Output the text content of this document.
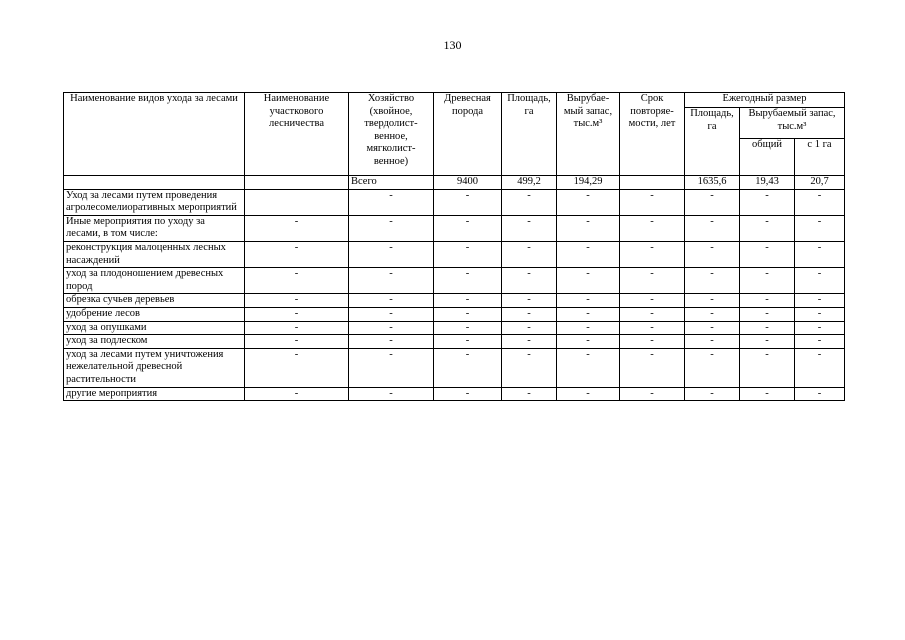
130
Наименование видов ухода за лесами	Наименование участкового лесничества	Хозяйство (хвойное, твердолист-венное, мягколист-венное)	Древесная порода	Площадь, га	Вырубае-мый запас, тыс.м³	Срок повторяе-мости, лет	Ежегодный размер		
							Площадь, га	Вырубаемый запас, тыс.м³	
								общий	с 1 га
		Всего	9400	499,2	194,29		1635,6	19,43	20,7
Уход за лесами путем проведения агролесомелиоративных мероприятий		-	-	-	-	-	-	-	-
Иные мероприятия по уходу за лесами, в том числе:	-	-	-	-	-	-	-	-	-
реконструкция малоценных лесных насаждений	-	-	-	-	-	-	-	-	-
уход за плодоношением древесных пород	-	-	-	-	-	-	-	-	-
обрезка сучьев деревьев	-	-	-	-	-	-	-	-	-
удобрение лесов	-	-	-	-	-	-	-	-	-
уход за опушками	-	-	-	-	-	-	-	-	-
уход за подлеском	-	-	-	-	-	-	-	-	-
уход за лесами путем уничтожения нежелательной древесной растительности	-	-	-	-	-	-	-	-	-
другие мероприятия	-	-	-	-	-	-	-	-	-
